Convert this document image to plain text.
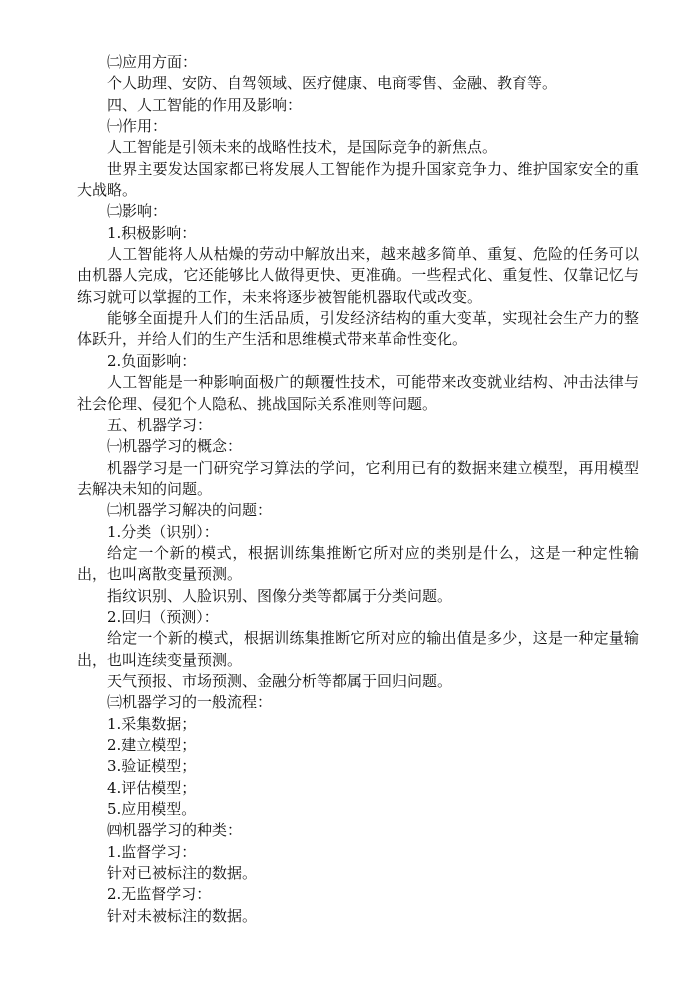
㈡应用方面：

个人助理、安防、自驾领域、医疗健康、电商零售、金融、教育等。

四、人工智能的作用及影响：

㈠作用：

人工智能是引领未来的战略性技术，是国际竞争的新焦点。

世界主要发达国家都已将发展人工智能作为提升国家竞争力、维护国家安全的重大战略。

㈡影响：

1.积极影响：

人工智能将人从枯燥的劳动中解放出来，越来越多简单、重复、危险的任务可以由机器人完成，它还能够比人做得更快、更准确。一些程式化、重复性、仅靠记忆与练习就可以掌握的工作，未来将逐步被智能机器取代或改变。

能够全面提升人们的生活品质，引发经济结构的重大变革，实现社会生产力的整体跃升，并给人们的生产生活和思维模式带来革命性变化。

2.负面影响：

人工智能是一种影响面极广的颠覆性技术，可能带来改变就业结构、冲击法律与社会伦理、侵犯个人隐私、挑战国际关系准则等问题。

五、机器学习：

㈠机器学习的概念：

机器学习是一门研究学习算法的学问，它利用已有的数据来建立模型，再用模型去解决未知的问题。

㈡机器学习解决的问题：

1.分类（识别）：

给定一个新的模式，根据训练集推断它所对应的类别是什么，这是一种定性输出，也叫离散变量预测。

指纹识别、人脸识别、图像分类等都属于分类问题。

2.回归（预测）：

给定一个新的模式，根据训练集推断它所对应的输出值是多少，这是一种定量输出，也叫连续变量预测。

天气预报、市场预测、金融分析等都属于回归问题。

㈢机器学习的一般流程：

1.采集数据；

2.建立模型；

3.验证模型；

4.评估模型；

5.应用模型。

㈣机器学习的种类：

1.监督学习：

针对已被标注的数据。

2.无监督学习：

针对未被标注的数据。
